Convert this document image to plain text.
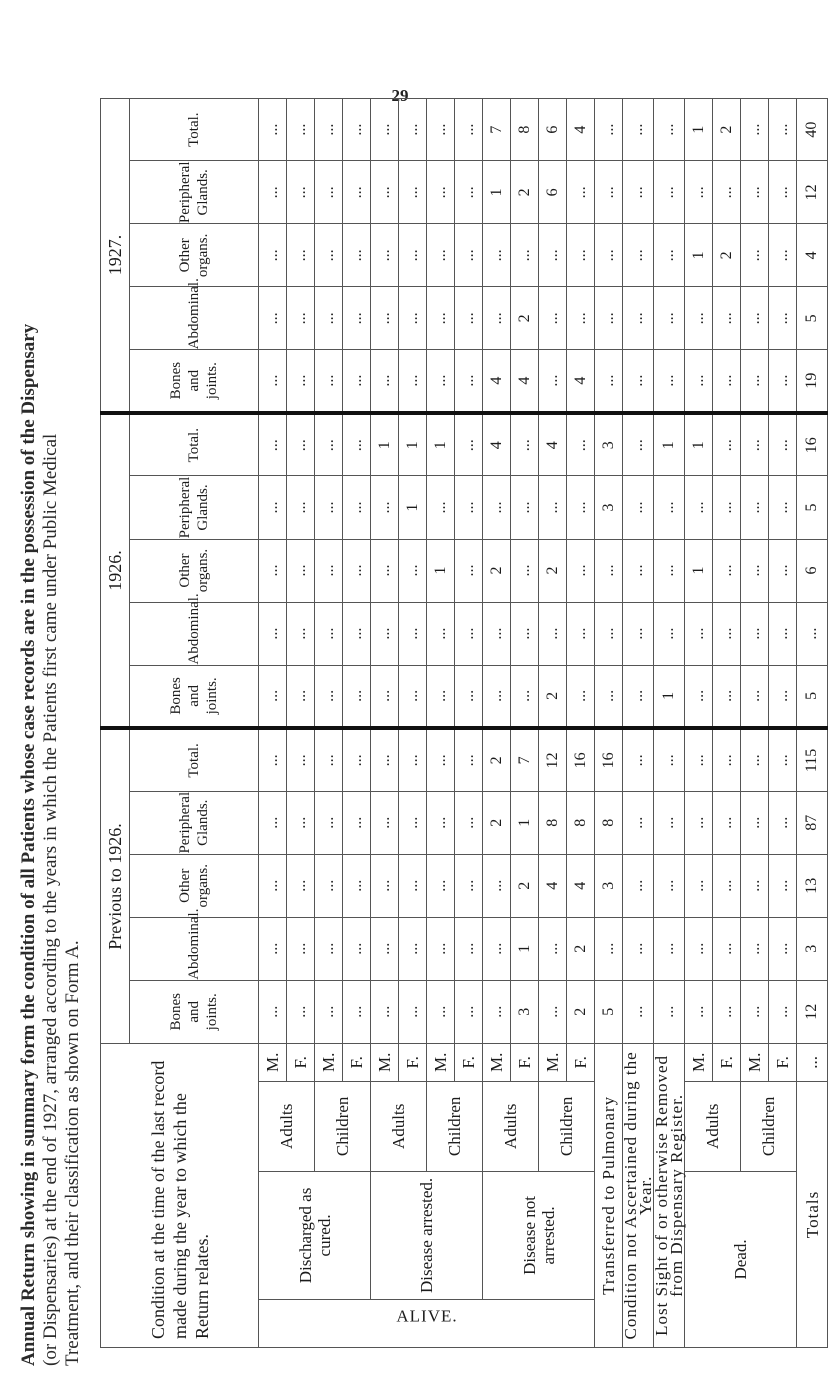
29
Annual Return showing in summary form the condition of all Patients whose case records are in the possession of the Dispensary (or Dispensaries) at the end of 1927, arranged according to the years in which the Patients first came under Public Medical Treatment, and their classification as shown on Form A.	Condition at the time of the last record made during the year to which the Return relates.				Previous to 1926.					1926.					1927.				
				Bones and joints.	Abdominal.	Other organs.	Peripheral Glands.	Total.	Bones and joints.	Abdominal.	Other organs.	Peripheral Glands.	Total.	Bones and joints.	Abdominal.	Other organs.	Peripheral Glands.	Total.
ALIVE.	Discharged as cured.	Adults	M.	...	...	...	...	...	...	...	...	...	...	...	...	...	...	...
			F.	...	...	...	...	...	...	...	...	...	...	...	...	...	...	...
		Children	M.	...	...	...	...	...	...	...	...	...	...	...	...	...	...	...
			F.	...	...	...	...	...	...	...	...	...	...	...	...	...	...	...
	Disease arrested.	Adults	M.	...	...	...	...	...	...	...	...	...	1	...	...	...	...	...
			F.	...	...	...	...	...	...	...	...	1	1	...	...	...	...	...
		Children	M.	...	...	...	...	...	...	...	1	...	1	...	...	...	...	...
			F.	...	...	...	...	...	...	...	...	...	...	...	...	...	...	...
	Disease not arrested.	Adults	M.	...	...	...	2	2	...	...	2	...	4	4	...	...	1	7
			F.	3	1	2	1	7	...	...	...	...	...	4	2	...	2	8
		Children	M.	...	...	4	8	12	2	...	2	...	4	...	...	...	6	6
			F.	2	2	4	8	16	...	...	...	...	...	4	...	...	...	4
Transferred to Pulmonary				5	...	3	8	16	...	...	...	3	3	...	...	...	...	...
Condition not Ascertained during the Year.				...	...	...	...	...	...	...	...	...	...	...	...	...	...	...
Lost Sight of or otherwise Removed from Dispensary Register.				...	...	...	...	...	1	...	...	...	1	...	...	...	...	...
Dead.		Adults	M.	...	...	...	...	...	...	...	1	...	1	...	...	1	...	1
			F.	...	...	...	...	...	...	...	...	...	...	...	...	2	...	2
		Children	M.	...	...	...	...	...	...	...	...	...	...	...	...	...	...	...
			F.	...	...	...	...	...	...	...	...	...	...	...	...	...	...	...
Totals			...	12	3	13	87	115	5	...	6	5	16	19	5	4	12	40
